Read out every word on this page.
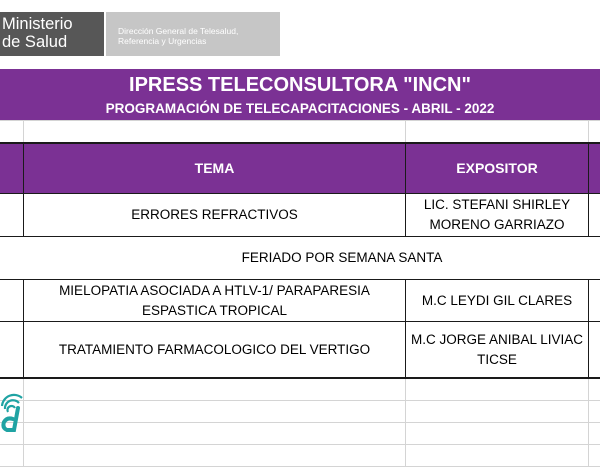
Ministerio
de Salud
Dirección General de Telesalud,
Referencia y Urgencias
IPRESS TELECONSULTORA "INCN"
PROGRAMACIÓN DE TELECAPACITACIONES - ABRIL - 2022
TEMA	EXPOSITOR
ERRORES REFRACTIVOS
LIC. STEFANI SHIRLEY
MORENO GARRIAZO
FERIADO POR SEMANA SANTA
MIELOPATIA ASOCIADA A HTLV-1/ PARAPARESIA
ESPASTICA TROPICAL
M.C LEYDI GIL CLARES
TRATAMIENTO FARMACOLOGICO DEL VERTIGO
M.C JORGE ANIBAL LIVIAC
TICSE
